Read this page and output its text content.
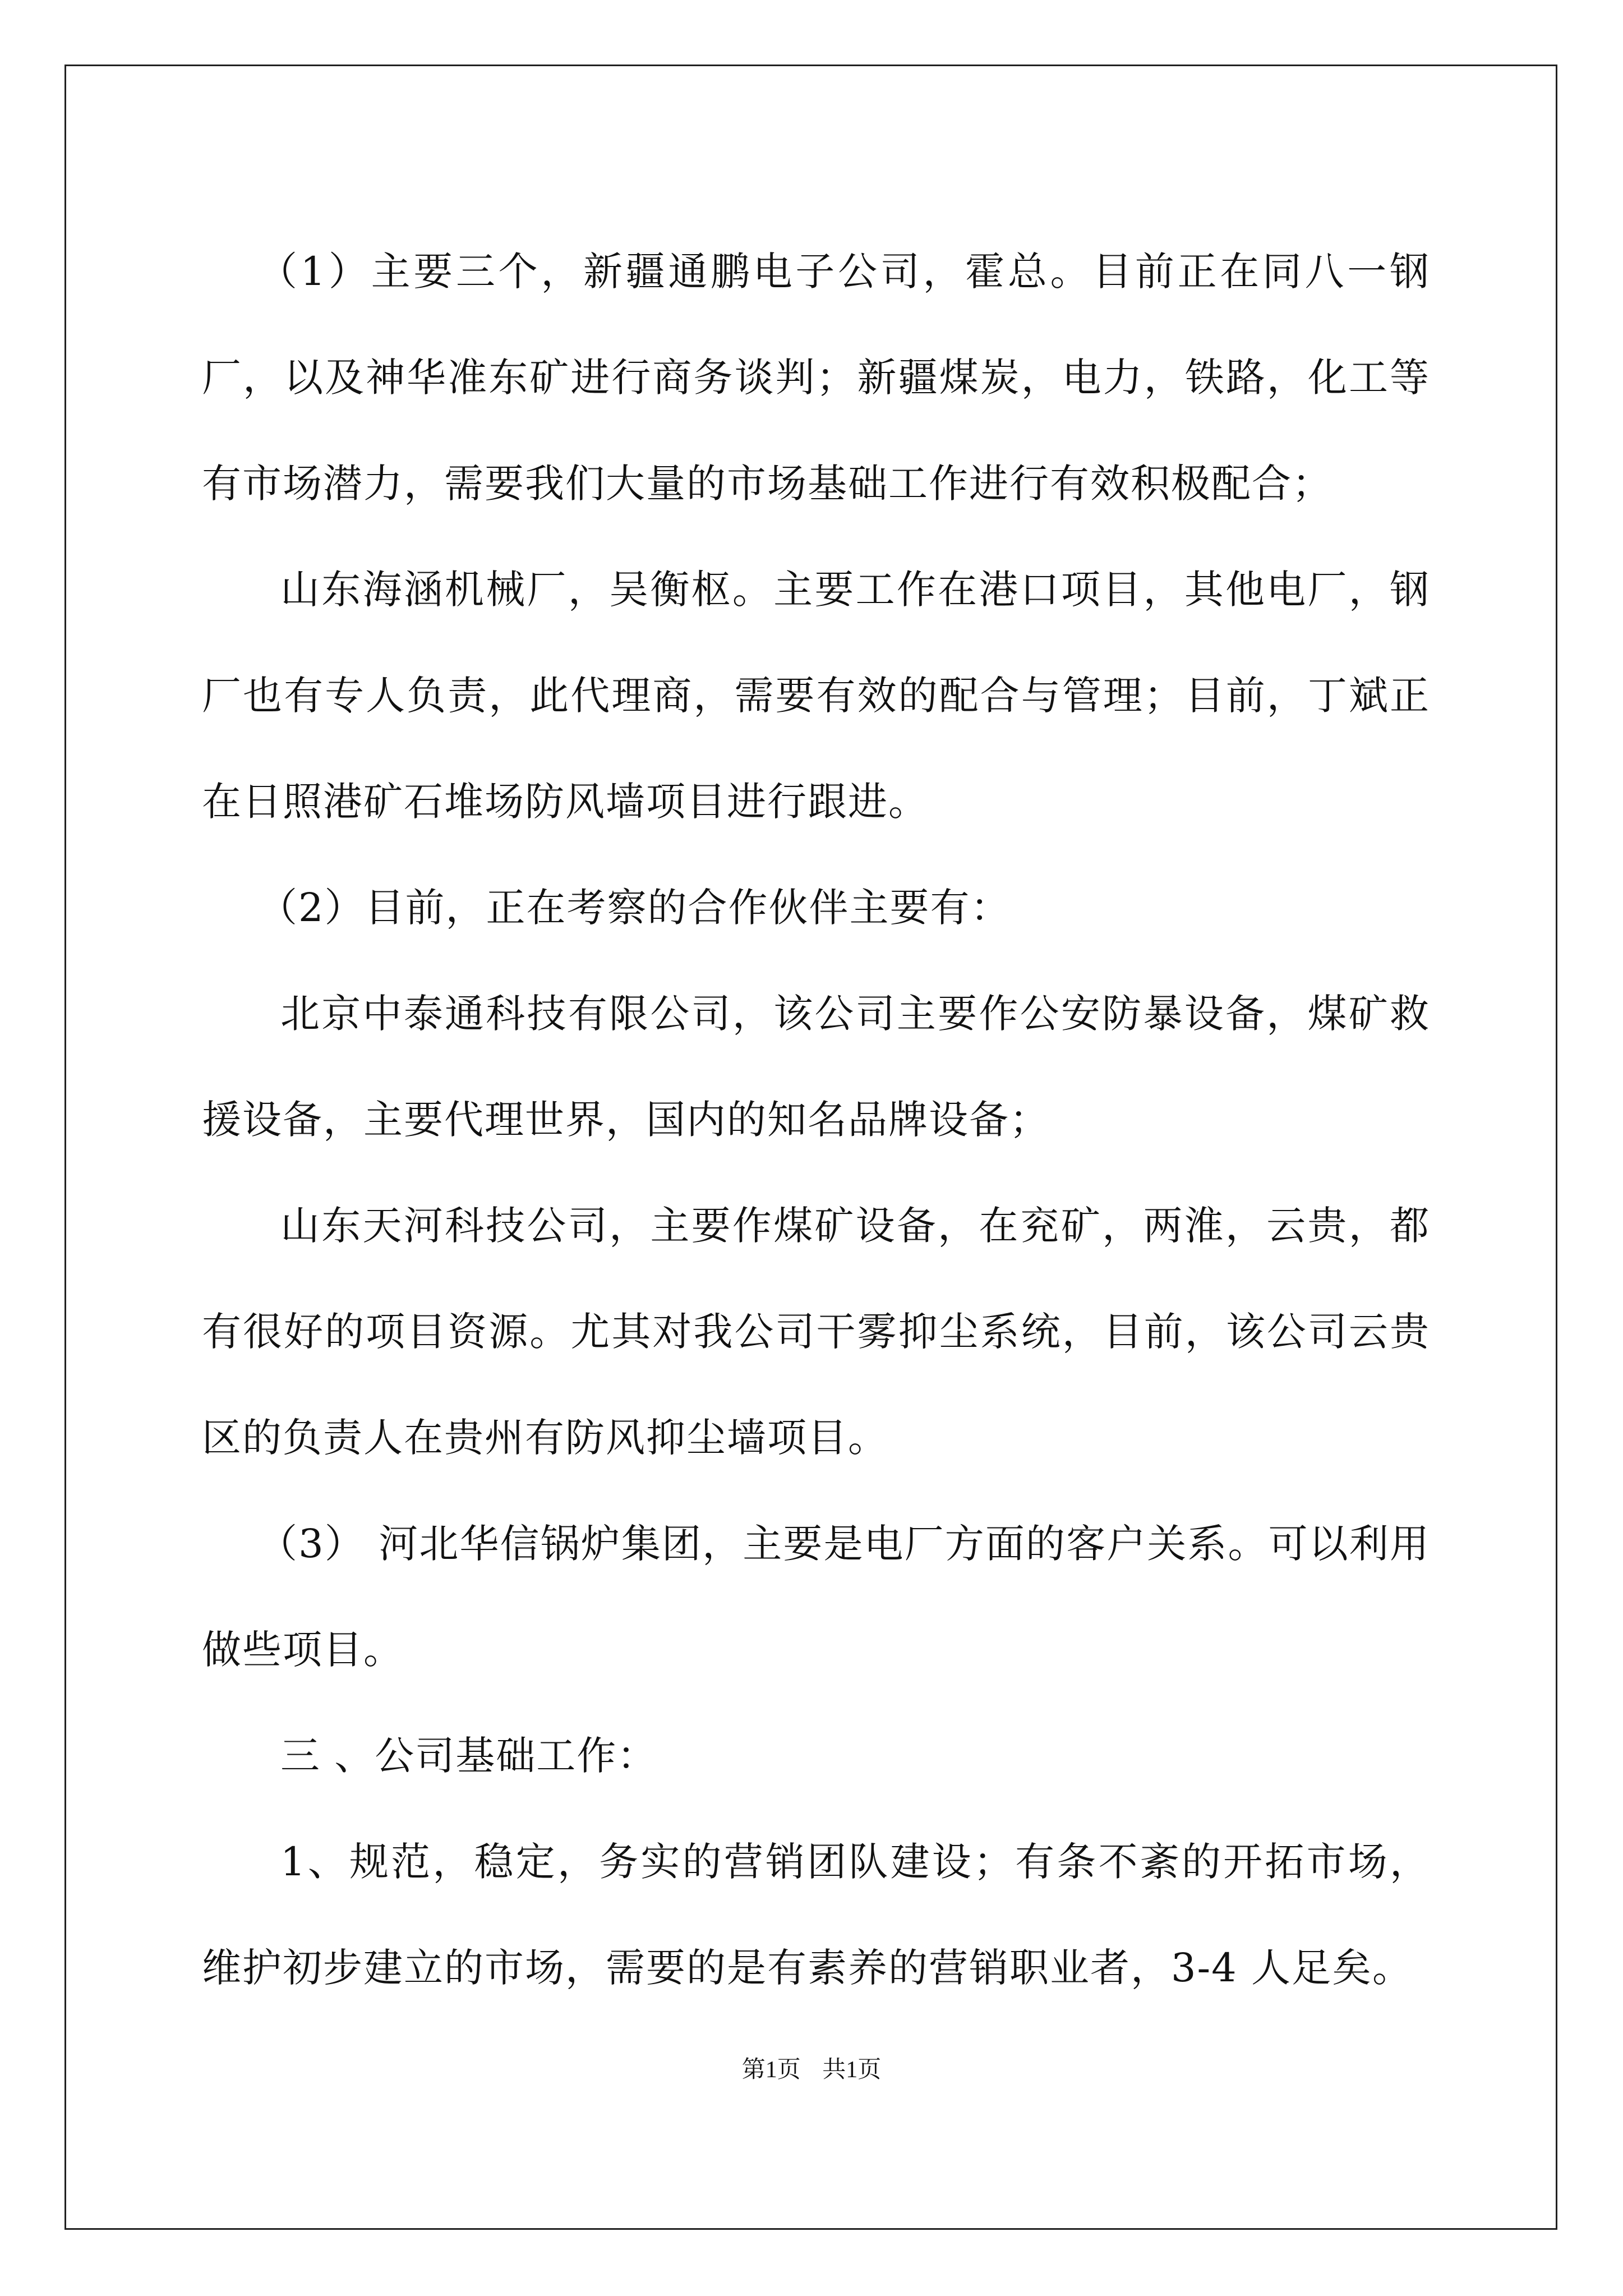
（1）主要三个，新疆通鹏电子公司，霍总。目前正在同八一钢厂，以及神华准东矿进行商务谈判；新疆煤炭，电力，铁路，化工等有市场潜力，需要我们大量的市场基础工作进行有效积极配合；

山东海涵机械厂，吴衡枢。主要工作在港口项目，其他电厂，钢厂也有专人负责，此代理商，需要有效的配合与管理；目前，丁斌正在日照港矿石堆场防风墙项目进行跟进。

（2）目前，正在考察的合作伙伴主要有：

北京中泰通科技有限公司，该公司主要作公安防暴设备，煤矿救援设备，主要代理世界，国内的知名品牌设备；

山东天河科技公司，主要作煤矿设备，在兖矿，两淮，云贵，都有很好的项目资源。尤其对我公司干雾抑尘系统，目前，该公司云贵区的负责人在贵州有防风抑尘墙项目。

（3） 河北华信锅炉集团，主要是电厂方面的客户关系。可以利用做些项目。

三 、公司基础工作：

1、规范，稳定，务实的营销团队建设；有条不紊的开拓市场，维护初步建立的市场，需要的是有素养的营销职业者，3-4 人足矣。

第1页 共1页
